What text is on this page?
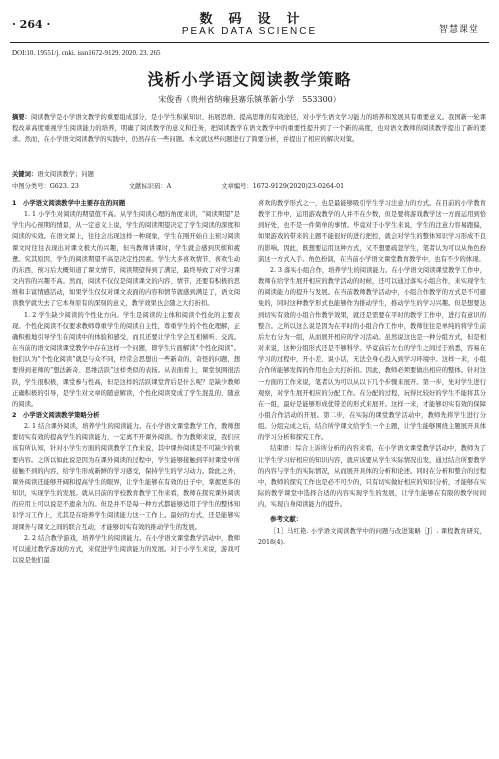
· 264 ·	数码设计
PEAK DATA SCIENCE	智慧课堂
DOI:10. 19551/j. cnki. issn1672-9129. 2020. 23. 265
浅析小学语文阅读教学策略
宋俊香（贵州省纳雍县寨乐镇革新小学　553300）
摘要：阅读教学是小学语文教学的重要组成部分，是小学生积累知识、拓展思维、提高思维的有效途径，对小学生语文学习能力的培养和发展具有重要意义。我国新一轮课程改革高度重视学生阅读能力的培养，明确了阅读教学的意义和任务，把阅读教学在语文教学中的重要性提升到了一个新的高度，也对语文教师的阅读教学提出了新的要求。然而，在小学语文阅读教学的实践中，仍然存在一些问题。本文就这些问题进行了简要分析，并提出了相应的解决对策。
关键词：语文阅读教学；问题
中图分类号：G623. 23	文献标识码：A	文章编号：1672-9129(2020)23-0264-01
1　小学语文阅读教学中主要存在的问题

1. 1 小学生对阅读的期望值不高。从学生阅读心理的角度来讲，“阅读期望”是学生内心预期的情景，从一定意义上说，学生的阅读期望决定了学生阅读的深度和阅读的实效。在语文课上，往往会出现这样一种现象，学生在刚开始自主预习阅读课文时往往表现出对课文极大的兴趣，但当教师讲课时，学生就会感到厌烦和疲惫。究其原因，学生的阅读期望不高是决定性因素。学生大多喜欢情节、喜欢生动的东西，预习后大概知道了课文情节，阅读期望得到了满足，最终导致了对学习课文内容的兴趣不高。然而，阅读不仅仅是阅读课文的内容、情节，还要有积极的思维和丰富情感活动，如果学生仅仅对课文表面的内容和情节就感到满足了，语文阅读教学就失去了它本身原有的深刻的意义，教学效果也会随之大打折扣。

1. 2 学生缺少阅读的个性化方向。学生是阅读的主体和阅读个性化的主要表现。个性化阅读不仅要求教师尊重学生的阅读自主性，尊重学生的个性化理解，正确积极地引导学生在阅读中的体验和感受，而且还要让学生学会互相倾听、交流。在当前的语文阅读课堂教学中存在这样一个问题，即学生片面解读“个性化阅读”。他们认为“个性化阅读”就是与众不同，经常会思想出一些新奇的、奇怪的问题，想要得到老师的“想法新奇、思维活跃”这样类似的表扬。从表面看上，课堂氛围很活跃，学生很积极，课堂参与性高，但是这样的活跃课堂背后是什么呢？是缺少教师正确积极的引导，是学生对文章的随意解读，个性化阅读变成了学生混乱的、随意的阅读。

2　小学语文阅读教学策略分析

2. 1 结合课外阅读，培养学生的阅读能力。在小学语文课堂教学工作，教师想要切实有效的提高学生的阅读能力，一定离不开课外阅读。作为教师来说，我们应该有所认知，针对小学生方面的阅读教学工作来说，其中课外阅读是不可缺少的重要内容。之所以如此说是因为在课外阅读的过程中，学生能够接触到平时课堂中所接触不到的内容，给学生形成新鲜的学习感受，保持学生的学习动力。除此之外，课外阅读还能够开阔和提高学生的眼界，让学生能够在有效的日子中，掌握更多的知识，实现学生的发展。就从目前的学校教育教学工作来看，教师在探究课外阅读的应用上可以说是不遗余力的。但是并不是每一种方式都能够适用于学生的整体知识学习工作上，尤其是在培养学生阅读能力这一工作上。最好的方式，还是能够实现课外与课文之间的联合互动，才能够切实有效的推动学生的发展。

2. 2 结合教学游戏，培养学生的阅读能力。在小学语文课堂教学活动中，教师可以通过教学游戏的方式，来促进学生阅读能力的发展。对于小学生来说，游戏可以说是他们最

喜欢的教学形式之一，也是最能够吸引学生学习注意力的方式。在目前的小学教育教学工作中，运用游戏教学的人并不在少数，但是要将游戏教学这一方面运用到恰到好处，也不是一件简单的事情。毕竟对于小学生来说，学生的注意力容易跑偏，如果游戏的带来的主题不能很好的进行把控，就会对学生的整体知识学习形成不良的影响。因此，既想要运用这种方式，又不想要疏忽学生，笔者认为可以从角色扮演这一方式入手。角色扮演，在当前小学语文课堂教育教学中，也有不少的体现。

2. 3 落实小组合作，培养学生的阅读能力。在小学语文阅读课堂教学工作中，教师在给学生展开相应的教学活动的时候，还可以通过落实小组合作，来实现学生的阅读能力的提升与发展。在当前教师教学活动中，小组合作教学的方式是不可避免的，同时这种教学形式也能够作为推动学生，推动学生的学习兴趣。但是想要达到切实有效的小组合作教学效果，就还是需要在平时的教学工作中，进行有意识的整合。之所以这么说是因为在平时的小组合作工作中，教师往往是单纯的将学生前后左右分为一组，从而展开相应的学习活动。虽然说这也是一种分组方式，但是相对来说，这种分组形式还是不够科学。毕竟前后左右的学生之间过于熟悉，容易在学习的过程中，开小差、说小话，无法全身心投入到学习环境中。这样一来，小组合作所能够发挥的作用也会大打折扣。因此，教师必须要做出相应的整体。针对这一方面的工作来说，笔者认为可以从以下几个步骤来展开。第一步，先对学生进行观察，对学生展开相应的分配工作。在分配的过程，玩得比较好的学生不能将其分在一组，最好是能够形成优带差的形式来展开。这样一来，才能够切实有效的保障小组合作活动的开展。第二步，在实际的课堂教学活动中，教师先将学生进行分组。分组完成之后，结合所学课文给学生一个主题，让学生能够围绕主题展开具体的学习分析和探究工作。

结束语：综合上诉所分析的内容来看，在小学语文课堂教学活动中，教师为了让学生学习好相应的知识内容，就应该要从学生实际情况出发，通过结合所要教学的内容与学生的实际情况，从而展开具体的分析和论述。同时在分析和整合的过程中，教师的探究工作也是必不可少的，只有切实做好相应的知识分析，才能够在实际的教学课堂中选择合适的内容实现学生的发展，让学生能够在有限的教学时间内，实现自身阅读能力的提升。

参考文献：

［1］马红艳. 小学语文阅读教学中的问题与改进策略［J］. 课程教育研究，2018(4).
